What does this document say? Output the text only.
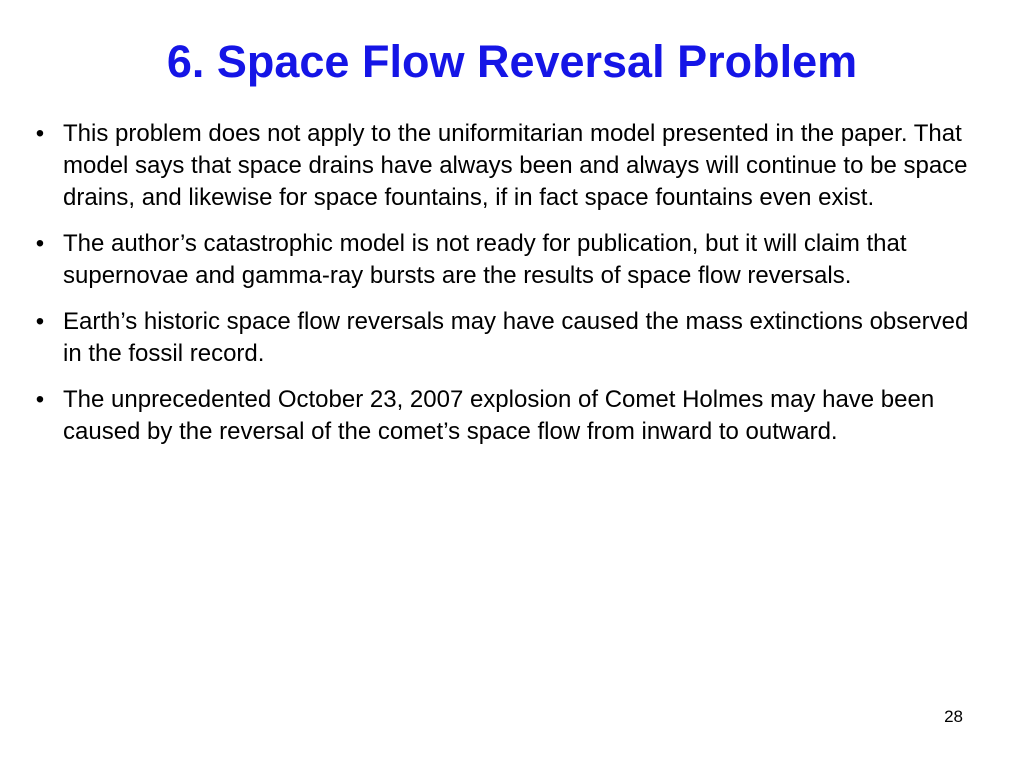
6. Space Flow Reversal Problem
• This problem does not apply to the uniformitarian model presented in the paper. That model says that space drains have always been and always will continue to be space drains, and likewise for space fountains, if in fact space fountains even exist.
• The author’s catastrophic model is not ready for publication, but it will claim that supernovae and gamma-ray bursts are the results of space flow reversals.
• Earth’s historic space flow reversals may have caused the mass extinctions observed in the fossil record.
• The unprecedented October 23, 2007 explosion of Comet Holmes may have been caused by the reversal of the comet’s space flow from inward to outward.
28
